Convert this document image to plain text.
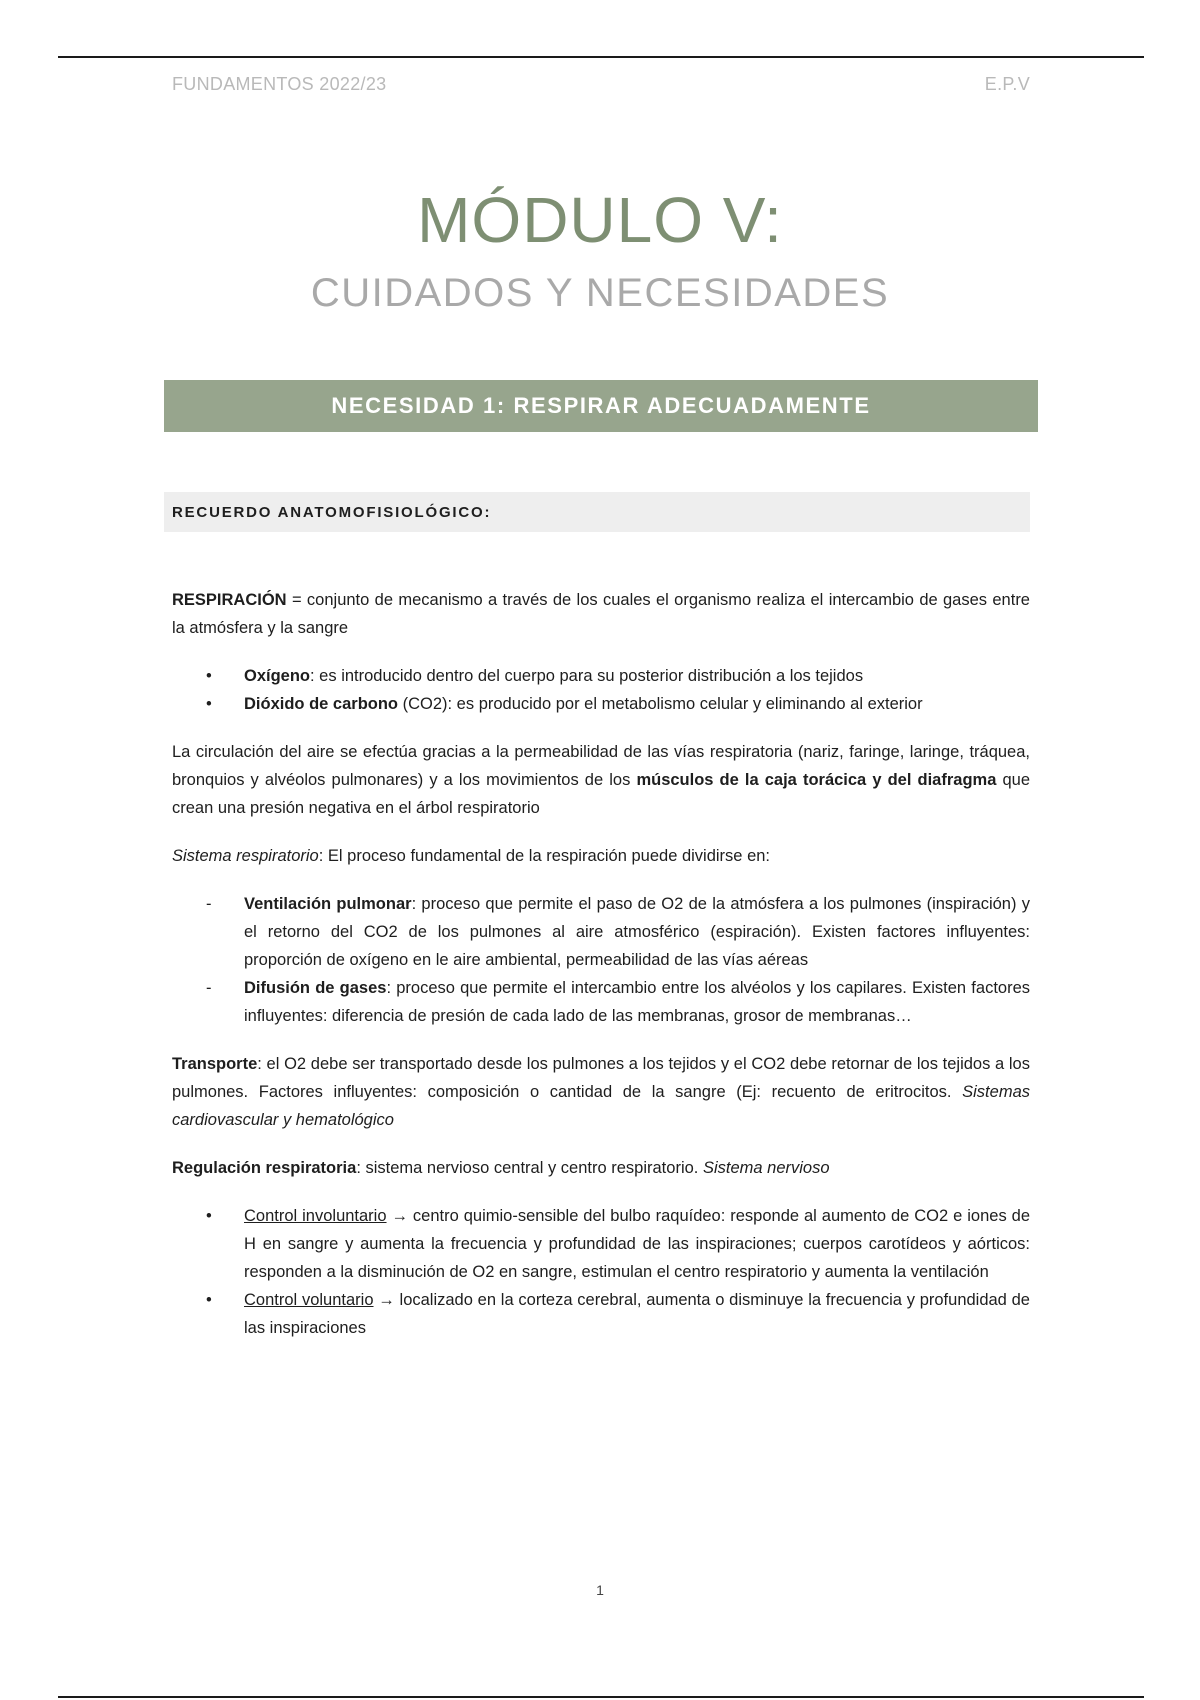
FUNDAMENTOS 2022/23	E.P.V
MÓDULO V:
CUIDADOS Y NECESIDADES
NECESIDAD 1: RESPIRAR ADECUADAMENTE
RECUERDO ANATOMOFISIOLÓGICO:

RESPIRACIÓN = conjunto de mecanismo a través de los cuales el organismo realiza el intercambio de gases entre la atmósfera y la sangre

•	Oxígeno: es introducido dentro del cuerpo para su posterior distribución a los tejidos
•	Dióxido de carbono (CO2): es producido por el metabolismo celular y eliminando al exterior

La circulación del aire se efectúa gracias a la permeabilidad de las vías respiratoria (nariz, faringe, laringe, tráquea, bronquios y alvéolos pulmonares) y a los movimientos de los músculos de la caja torácica y del diafragma que crean una presión negativa en el árbol respiratorio

Sistema respiratorio: El proceso fundamental de la respiración puede dividirse en:

-	Ventilación pulmonar: proceso que permite el paso de O2 de la atmósfera a los pulmones (inspiración) y el retorno del CO2 de los pulmones al aire atmosférico (espiración). Existen factores influyentes: proporción de oxígeno en le aire ambiental, permeabilidad de las vías aéreas
-	Difusión de gases: proceso que permite el intercambio entre los alvéolos y los capilares. Existen factores influyentes: diferencia de presión de cada lado de las membranas, grosor de membranas…

Transporte: el O2 debe ser transportado desde los pulmones a los tejidos y el CO2 debe retornar de los tejidos a los pulmones. Factores influyentes: composición o cantidad de la sangre (Ej: recuento de eritrocitos. Sistemas cardiovascular y hematológico

Regulación respiratoria: sistema nervioso central y centro respiratorio. Sistema nervioso

•	Control involuntario → centro quimio-sensible del bulbo raquídeo: responde al aumento de CO2 e iones de H en sangre y aumenta la frecuencia y profundidad de las inspiraciones; cuerpos carotídeos y aórticos: responden a la disminución de O2 en sangre, estimulan el centro respiratorio y aumenta la ventilación
•	Control voluntario → localizado en la corteza cerebral, aumenta o disminuye la frecuencia y profundidad de las inspiraciones
1
